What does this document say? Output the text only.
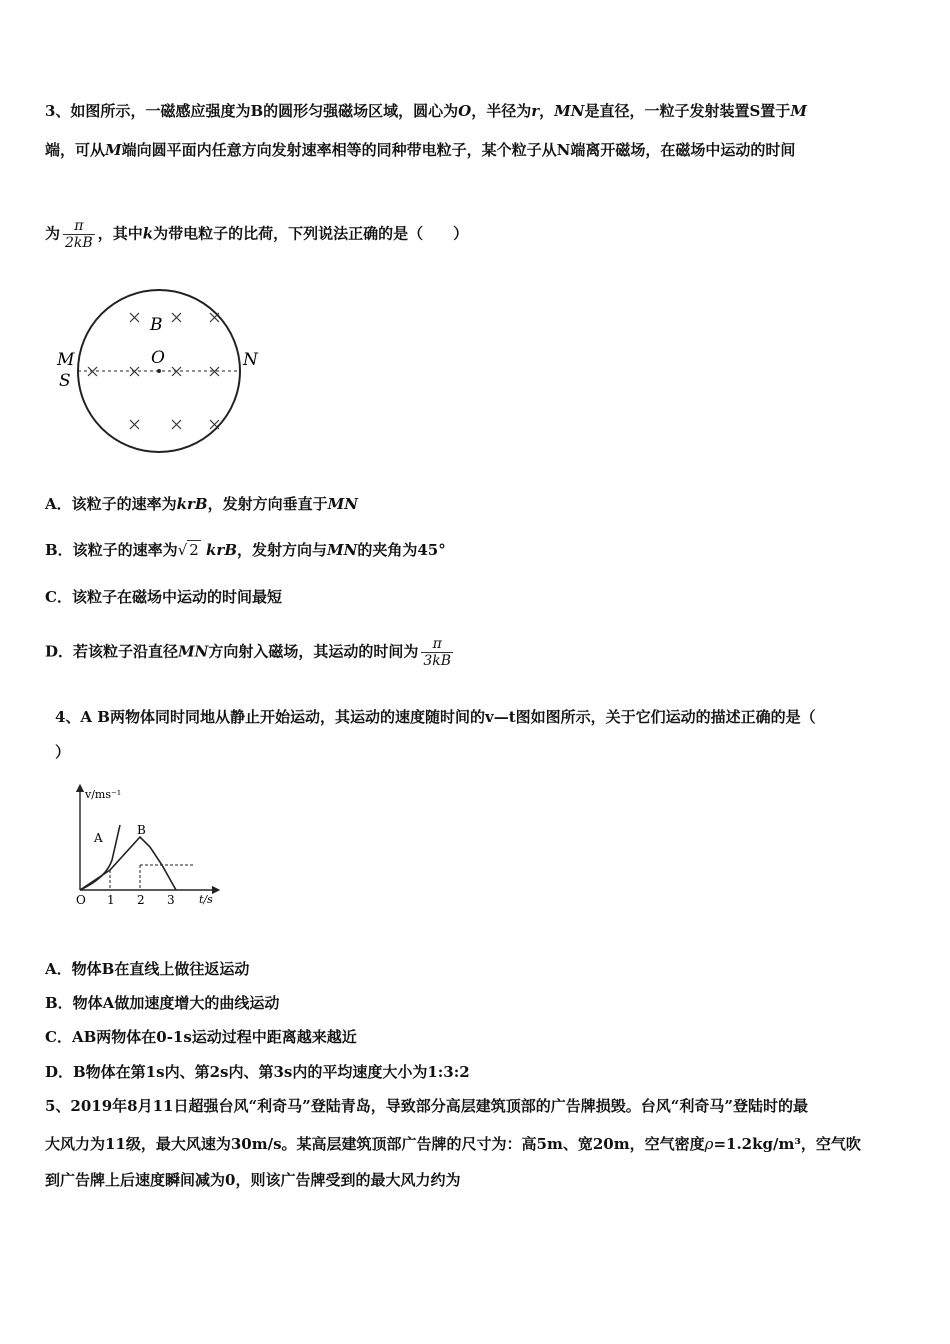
3、如图所示，一磁感应强度为B的圆形匀强磁场区域，圆心为O，半径为r，MN是直径，一粒子发射装置S置于M
端，可从M端向圆平面内任意方向发射速率相等的同种带电粒子，某个粒子从N端离开磁场，在磁场中运动的时间
为 $\frac{\pi}{2kB}$ ，其中k为带电粒子的比荷，下列说法正确的是（　　）
M
S
N
O
B
A．该粒子的速率为krB，发射方向垂直于MN
B．该粒子的速率为√ 2 krB，发射方向与MN的夹角为45°
C．该粒子在磁场中运动的时间最短
D．若该粒子沿直径MN方向射入磁场，其运动的时间为 $\frac{\pi}{3kB}$
4、A B两物体同时同地从静止开始运动，其运动的速度随时间的v—t图如图所示，关于它们运动的描述正确的是（
）
v/ms⁻¹
t/s
A
B
O 1 2 3
A．物体B在直线上做往返运动
B．物体A做加速度增大的曲线运动
C．AB两物体在0-1s运动过程中距离越来越近
D．B物体在第1s内、第2s内、第3s内的平均速度大小为1:3:2
5、2019年8月11日超强台风“利奇马”登陆青岛，导致部分高层建筑顶部的广告牌损毁。台风“利奇马”登陆时的最
大风力为11级，最大风速为30m/s。某高层建筑顶部广告牌的尺寸为：高5m、宽20m，空气密度ρ=1.2kg/m³，空气吹
到广告牌上后速度瞬间减为0，则该广告牌受到的最大风力约为
